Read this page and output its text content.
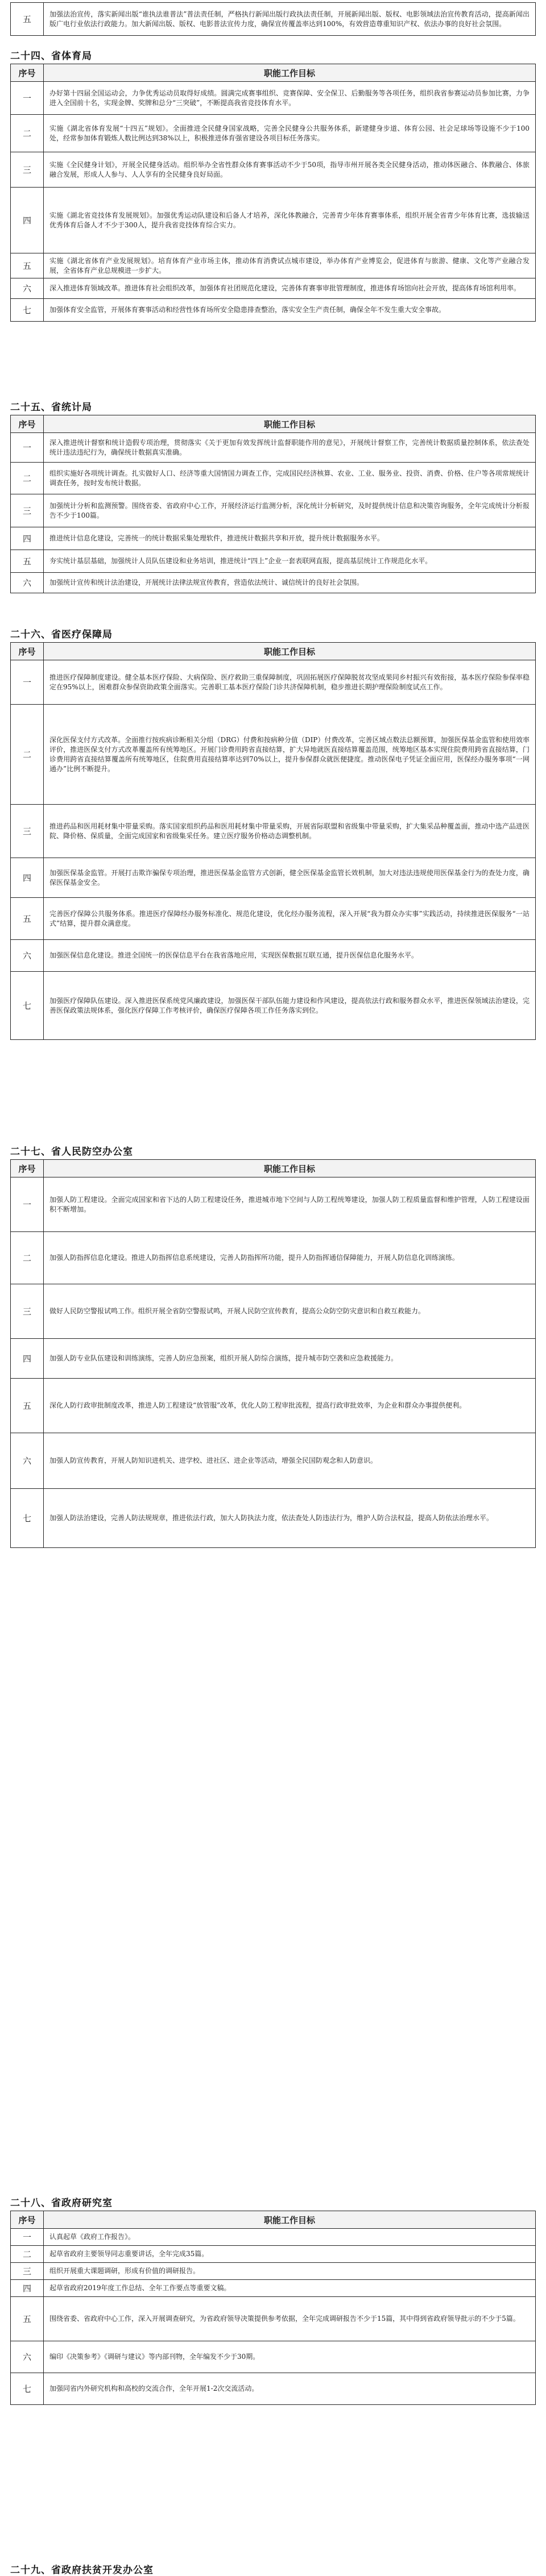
五	加强法治宣传，落实新闻出版“谁执法谁普法”普法责任制，严格执行新闻出版行政执法责任制，开展新闻出版、版权、电影领域法治宣传教育活动，提高新闻出版广电行业依法行政能力。加大新闻出版、版权、电影普法宣传力度，确保宣传覆盖率达到100%，有效营造尊重知识产权、依法办事的良好社会氛围。
二十四、省体育局
序号	职能工作目标
一	办好第十四届全国运动会，力争优秀运动员取得好成绩。圆满完成赛事组织、竞赛保障、安全保卫、后勤服务等各项任务，组织我省参赛运动员参加比赛，力争进入全国前十名，实现金牌、奖牌和总分“三突破”，不断提高我省竞技体育水平。
二	实施《湖北省体育发展“十四五”规划》。全面推进全民健身国家战略，完善全民健身公共服务体系，新建健身步道、体育公园、社会足球场等设施不少于100处，经常参加体育锻炼人数比例达到38%以上，积极推进体育强省建设各项目标任务落实。
三	实施《全民健身计划》，开展全民健身活动。组织举办全省性群众体育赛事活动不少于50项，指导市州开展各类全民健身活动，推动体医融合、体教融合、体旅融合发展，形成人人参与、人人享有的全民健身良好局面。
四	实施《湖北省竞技体育发展规划》。加强优秀运动队建设和后备人才培养，深化体教融合，完善青少年体育赛事体系，组织开展全省青少年体育比赛，选拔输送优秀体育后备人才不少于300人，提升我省竞技体育综合实力。
五	实施《湖北省体育产业发展规划》。培育体育产业市场主体，推动体育消费试点城市建设，举办体育产业博览会，促进体育与旅游、健康、文化等产业融合发展，全省体育产业总规模进一步扩大。
六	深入推进体育领域改革。推进体育社会组织改革，加强体育社团规范化建设，完善体育赛事审批管理制度，推进体育场馆向社会开放，提高体育场馆利用率。
七	加强体育安全监管，开展体育赛事活动和经营性体育场所安全隐患排查整治，落实安全生产责任制，确保全年不发生重大安全事故。
二十五、省统计局
序号	职能工作目标
一	深入推进统计督察和统计造假专项治理，贯彻落实《关于更加有效发挥统计监督职能作用的意见》，开展统计督察工作，完善统计数据质量控制体系，依法查处统计违法违纪行为，确保统计数据真实准确。
二	组织实施好各项统计调查。扎实做好人口、经济等重大国情国力调查工作，完成国民经济核算、农业、工业、服务业、投资、消费、价格、住户等各项常规统计调查任务，按时发布统计数据。
三	加强统计分析和监测预警。围绕省委、省政府中心工作，开展经济运行监测分析，深化统计分析研究，及时提供统计信息和决策咨询服务，全年完成统计分析报告不少于100篇。
四	推进统计信息化建设，完善统一的统计数据采集处理软件，推进统计数据共享和开放，提升统计数据服务水平。
五	夯实统计基层基础，加强统计人员队伍建设和业务培训，推进统计“四上”企业一套表联网直报，提高基层统计工作规范化水平。
六	加强统计宣传和统计法治建设，开展统计法律法规宣传教育，营造依法统计、诚信统计的良好社会氛围。
二十六、省医疗保障局
序号	职能工作目标
一	推进医疗保障制度建设。健全基本医疗保险、大病保险、医疗救助三重保障制度，巩固拓展医疗保障脱贫攻坚成果同乡村振兴有效衔接，基本医疗保险参保率稳定在95%以上，困难群众参保资助政策全面落实。完善职工基本医疗保险门诊共济保障机制，稳步推进长期护理保险制度试点工作。
二	深化医保支付方式改革。全面推行按疾病诊断相关分组（DRG）付费和按病种分值（DIP）付费改革，完善区域点数法总额预算，加强医保基金监管和使用效率评价，推进医保支付方式改革覆盖所有统筹地区。开展门诊费用跨省直接结算，扩大异地就医直接结算覆盖范围，统筹地区基本实现住院费用跨省直接结算，门诊费用跨省直接结算覆盖所有统筹地区，住院费用直接结算率达到70%以上，提升参保群众就医便捷度。推动医保电子凭证全面应用，医保经办服务事项“一网通办”比例不断提升。
三	推进药品和医用耗材集中带量采购。落实国家组织药品和医用耗材集中带量采购，开展省际联盟和省级集中带量采购，扩大集采品种覆盖面，推动中选产品进医院、降价格、保质量，全面完成国家和省级集采任务。建立医疗服务价格动态调整机制。
四	加强医保基金监管。开展打击欺诈骗保专项治理，推进医保基金监管方式创新，健全医保基金监管长效机制，加大对违法违规使用医保基金行为的查处力度，确保医保基金安全。
五	完善医疗保障公共服务体系。推进医疗保障经办服务标准化、规范化建设，优化经办服务流程，深入开展“我为群众办实事”实践活动，持续推进医保服务“一站式”结算，提升群众满意度。
六	加强医保信息化建设。推进全国统一的医保信息平台在我省落地应用，实现医保数据互联互通，提升医保信息化服务水平。
七	加强医疗保障队伍建设。深入推进医保系统党风廉政建设，加强医保干部队伍能力建设和作风建设，提高依法行政和服务群众水平，推进医保领域法治建设，完善医保政策法规体系，强化医疗保障工作考核评价，确保医疗保障各项工作任务落实到位。
二十七、省人民防空办公室
序号	职能工作目标
一	加强人防工程建设。全面完成国家和省下达的人防工程建设任务，推进城市地下空间与人防工程统筹建设，加强人防工程质量监督和维护管理，人防工程建设面积不断增加。
二	加强人防指挥信息化建设。推进人防指挥信息系统建设，完善人防指挥所功能，提升人防指挥通信保障能力，开展人防信息化训练演练。
三	做好人民防空警报试鸣工作。组织开展全省防空警报试鸣，开展人民防空宣传教育，提高公众防空防灾意识和自救互救能力。
四	加强人防专业队伍建设和训练演练，完善人防应急预案，组织开展人防综合演练，提升城市防空袭和应急救援能力。
五	深化人防行政审批制度改革，推进人防工程建设“放管服”改革，优化人防工程审批流程，提高行政审批效率，为企业和群众办事提供便利。
六	加强人防宣传教育，开展人防知识进机关、进学校、进社区、进企业等活动，增强全民国防观念和人防意识。
七	加强人防法治建设，完善人防法规规章，推进依法行政，加大人防执法力度，依法查处人防违法行为，维护人防合法权益，提高人防依法治理水平。
二十八、省政府研究室
序号	职能工作目标
一	认真起草《政府工作报告》。
二	起草省政府主要领导同志重要讲话，全年完成35篇。
三	组织开展重大课题调研，形成有价值的调研报告。
四	起草省政府2019年度工作总结、全年工作要点等重要文稿。
五	围绕省委、省政府中心工作，深入开展调查研究，为省政府领导决策提供参考依据，全年完成调研报告不少于15篇，其中得到省政府领导批示的不少于5篇。
六	编印《决策参考》《调研与建议》等内部刊物，全年编发不少于30期。
七	加强同省内外研究机构和高校的交流合作，全年开展1-2次交流活动。
二十九、省政府扶贫开发办公室
